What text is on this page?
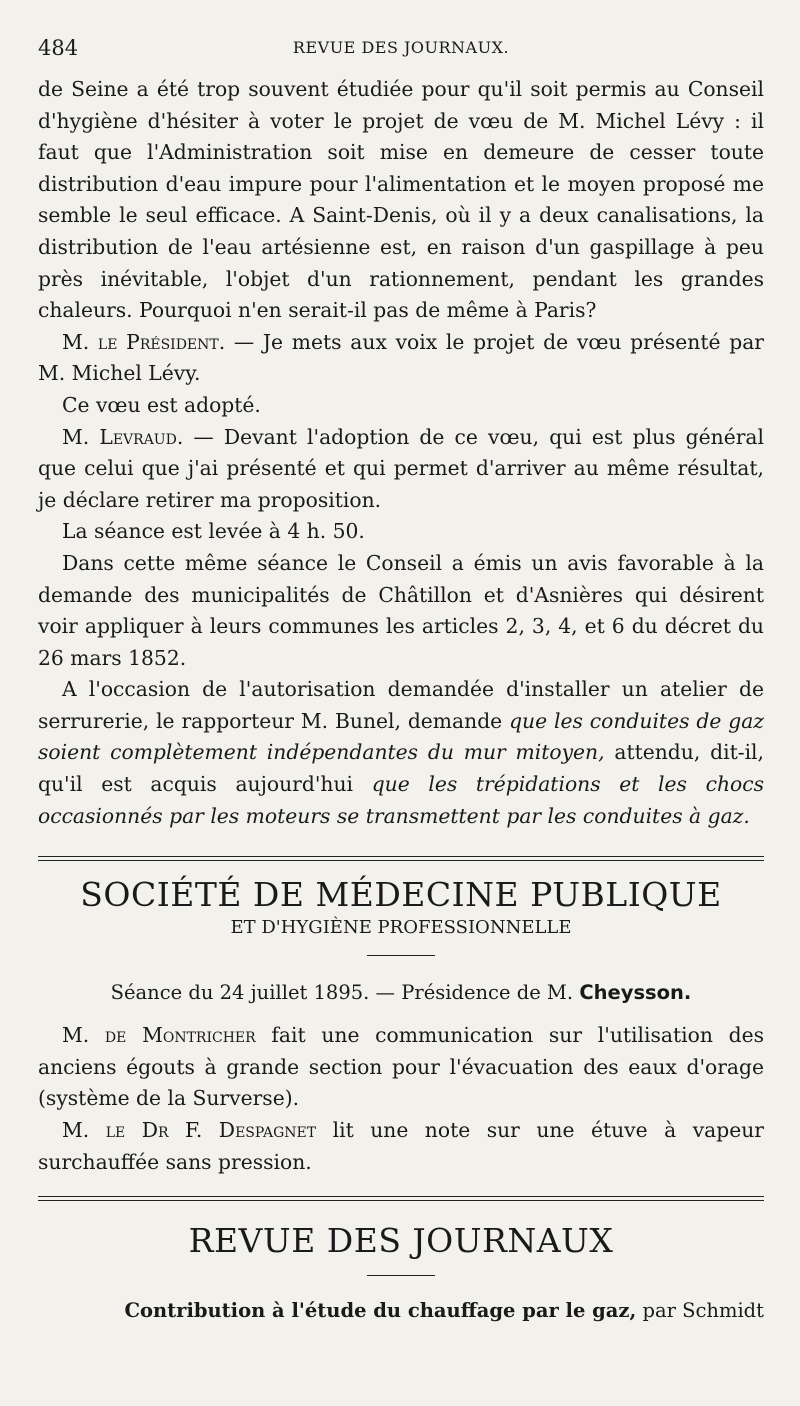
484	REVUE DES JOURNAUX.

de Seine a été trop souvent étudiée pour qu'il soit permis au Conseil d'hygiène d'hésiter à voter le projet de vœu de M. Michel Lévy : il faut que l'Administration soit mise en demeure de cesser toute distribution d'eau impure pour l'alimentation et le moyen proposé me semble le seul efficace. A Saint-Denis, où il y a deux canalisations, la distribution de l'eau artésienne est, en raison d'un gaspillage à peu près inévitable, l'objet d'un rationnement, pendant les grandes chaleurs. Pourquoi n'en serait-il pas de même à Paris?

M. le Président. — Je mets aux voix le projet de vœu présenté par M. Michel Lévy.

Ce vœu est adopté.

M. Levraud. — Devant l'adoption de ce vœu, qui est plus général que celui que j'ai présenté et qui permet d'arriver au même résultat, je déclare retirer ma proposition.

La séance est levée à 4 h. 50.

Dans cette même séance le Conseil a émis un avis favorable à la demande des municipalités de Châtillon et d'Asnières qui désirent voir appliquer à leurs communes les articles 2, 3, 4, et 6 du décret du 26 mars 1852.

A l'occasion de l'autorisation demandée d'installer un atelier de serrurerie, le rapporteur M. Bunel, demande que les conduites de gaz soient complètement indépendantes du mur mitoyen, attendu, dit-il, qu'il est acquis aujourd'hui que les trépidations et les chocs occasionnés par les moteurs se transmettent par les conduites à gaz.

SOCIÉTÉ DE MÉDECINE PUBLIQUE
ET D'HYGIÈNE PROFESSIONNELLE
Séance du 24 juillet 1895. — Présidence de M. Cheysson.

M. de Montricher fait une communication sur l'utilisation des anciens égouts à grande section pour l'évacuation des eaux d'orage (système de la Surverse).

M. le Dr F. Despagnet lit une note sur une étuve à vapeur surchauffée sans pression.

REVUE DES JOURNAUX
Contribution à l'étude du chauffage par le gaz, par Schmidt
